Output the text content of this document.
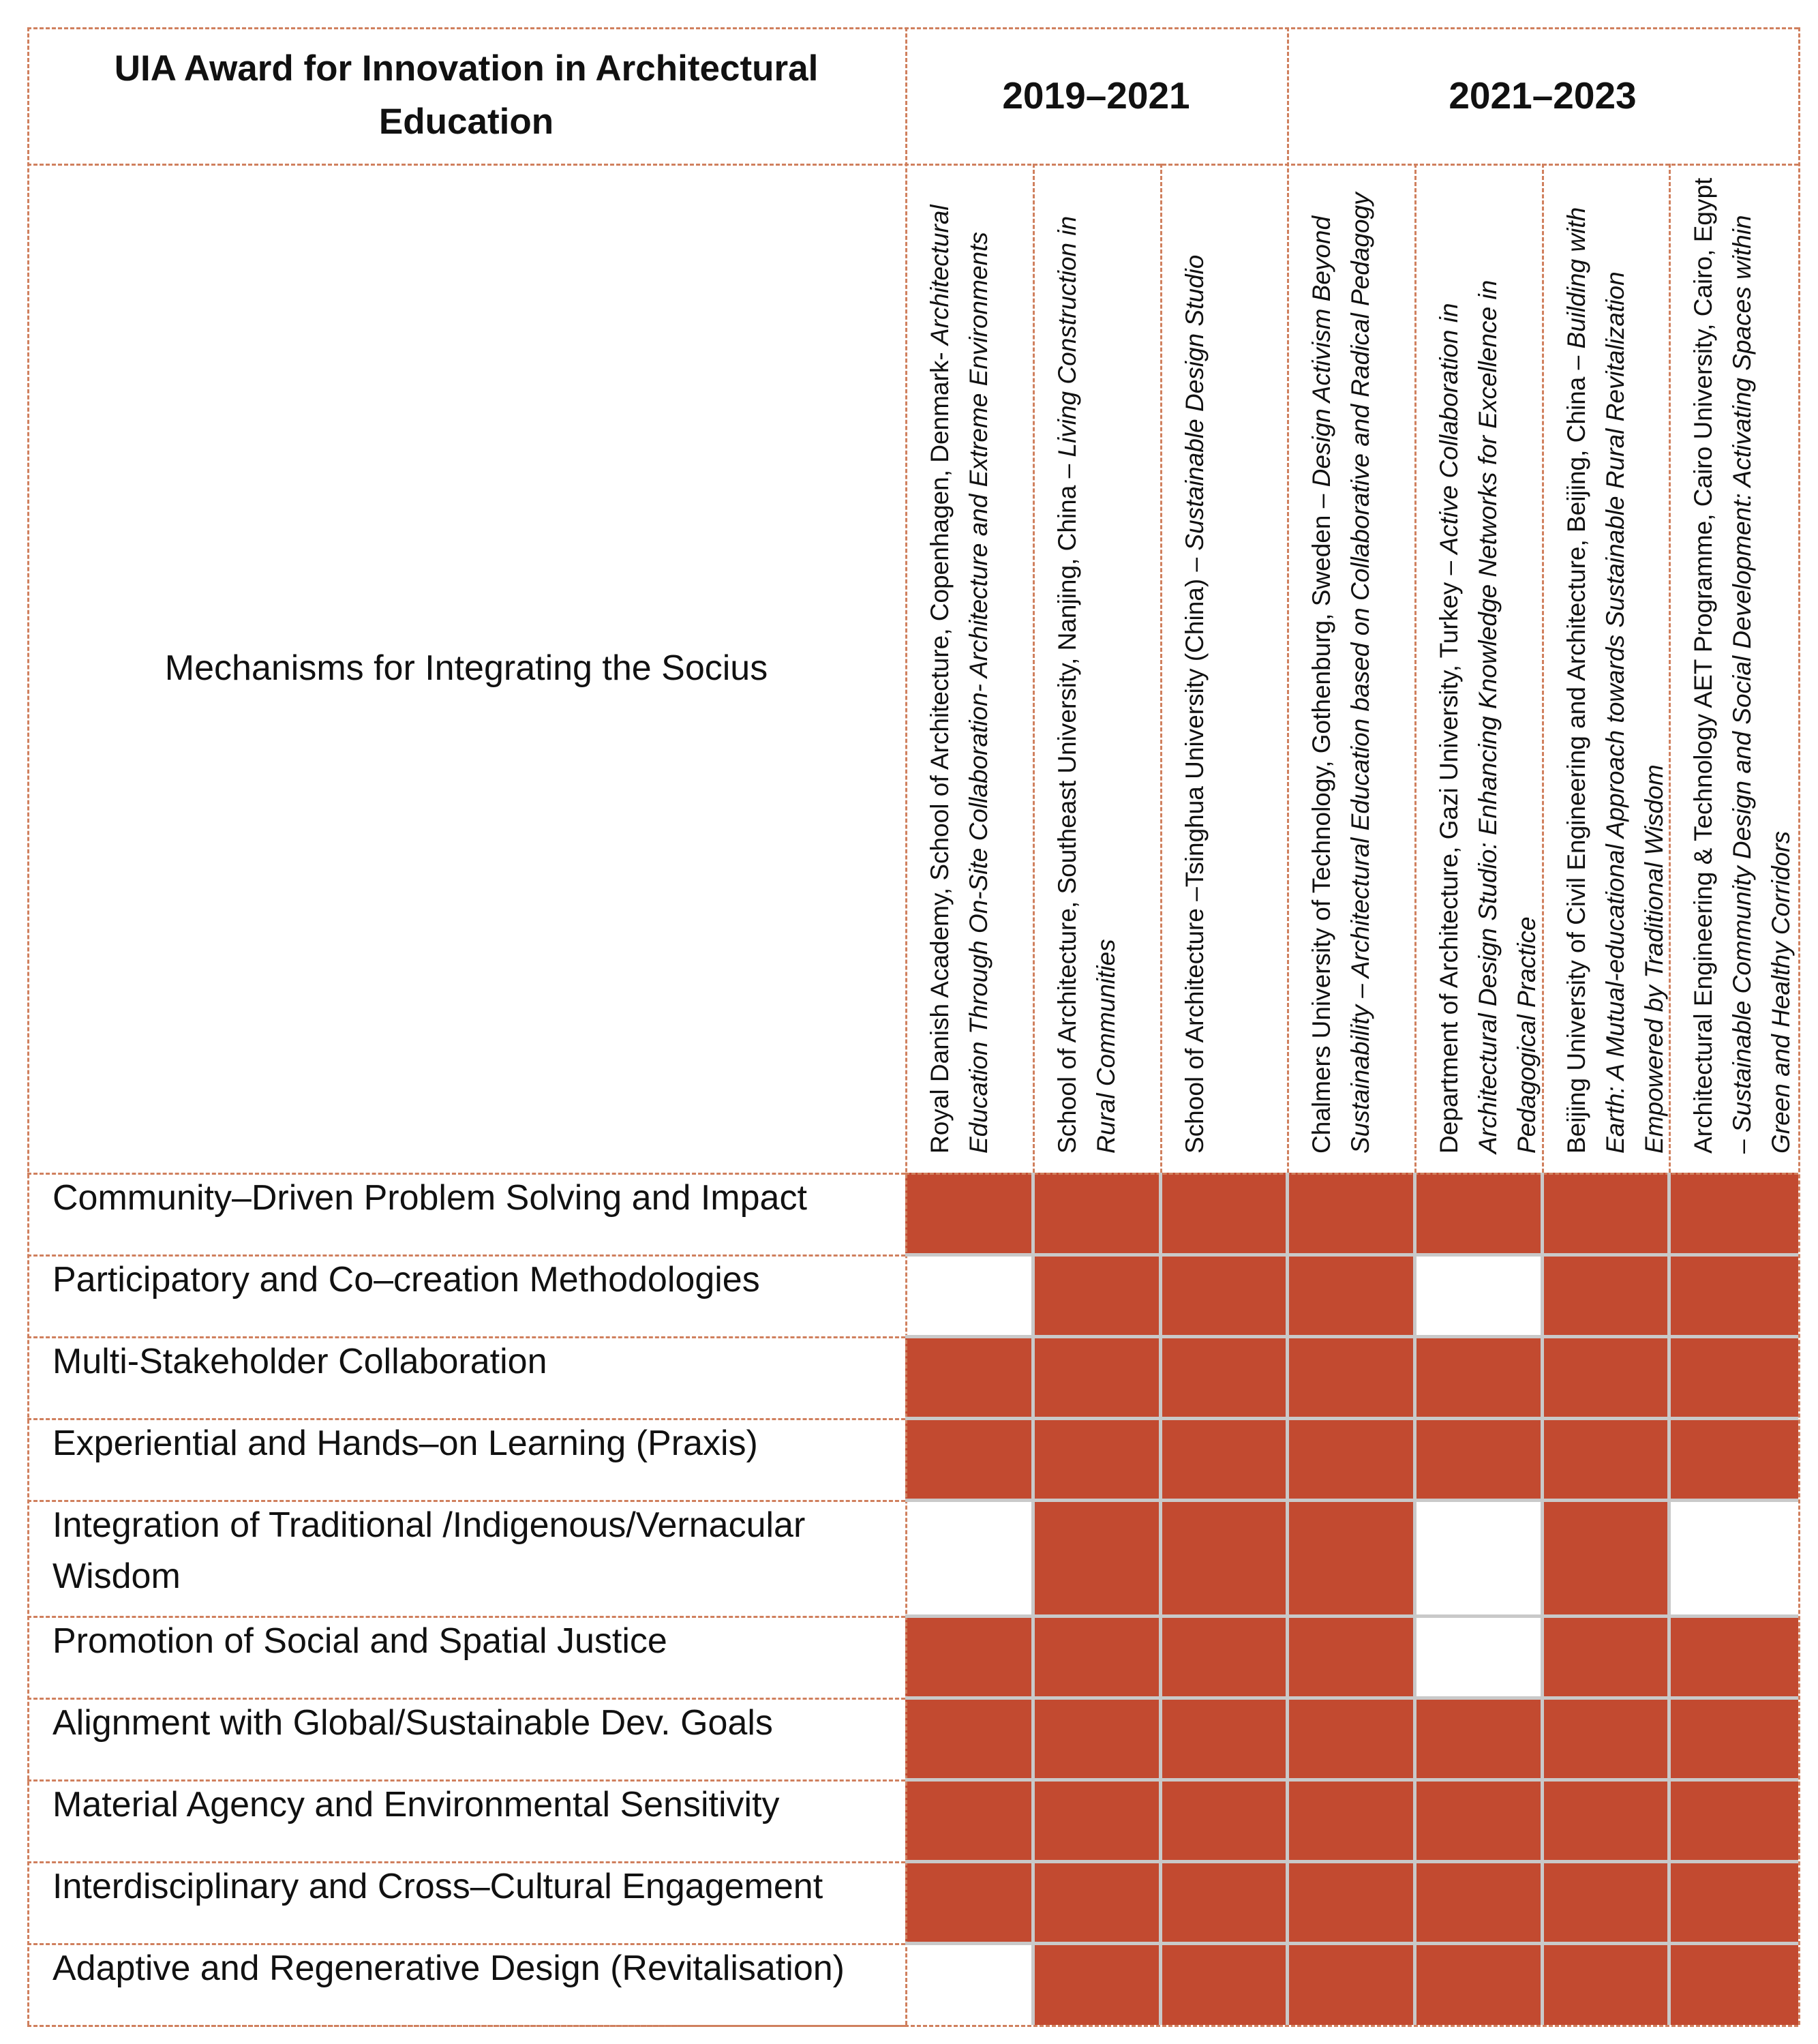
UIA Award for Innovation in Architectural Education
2019–2021	2021–2023
Mechanisms for Integrating the Socius	Royal Danish Academy, School of Architecture, Copenhagen, Denmark- Architectural Education Through On-Site Collaboration- Architecture and Extreme Environments School of Architecture, Southeast University, Nanjing, China – Living Construction in Rural Communities School of Architecture –Tsinghua University (China) – Sustainable Design Studio
Chalmers University of Technology, Gothenburg, Sweden – Design Activism Beyond Sustainability – Architectural Education based on Collaborative and Radical Pedagogy Department of Architecture, Gazi University, Turkey – Active Collaboration in Architectural Design Studio: Enhancing Knowledge Networks for Excellence in Pedagogical Practice Beijing University of Civil Engineering and Architecture, Beijing, China – Building with Earth: A Mutual-educational Approach towards Sustainable Rural Revitalization Empowered by Traditional Wisdom Architectural Engineering & Technology AET Programme, Cairo University, Cairo, Egypt – Sustainable Community Design and Social Development: Activating Spaces within Green and Healthy Corridors
Community–Driven Problem Solving and Impact
Participatory and Co–creation Methodologies
Multi-Stakeholder Collaboration
Experiential and Hands–on Learning (Praxis)
Integration of Traditional /Indigenous/Vernacular Wisdom
Promotion of Social and Spatial Justice
Alignment with Global/Sustainable Dev. Goals
Material Agency and Environmental Sensitivity
Interdisciplinary and Cross–Cultural Engagement
Adaptive and Regenerative Design (Revitalisation)
